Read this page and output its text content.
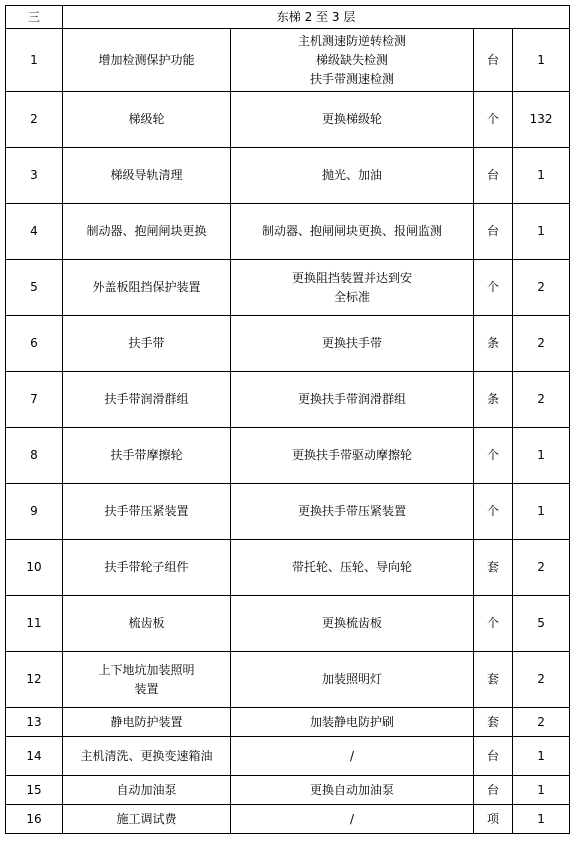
三	东梯 2 至 3 层			
1	增加检测保护功能	主机测速防逆转检测
梯级缺失检测
扶手带测速检测	台	1
2	梯级轮	更换梯级轮	个	132
3	梯级导轨清理	抛光、加油	台	1
4	制动器、抱闸闸块更换	制动器、抱闸闸块更换、报闸监测	台	1
5	外盖板阻挡保护装置	更换阻挡装置并达到安
全标准	个	2
6	扶手带	更换扶手带	条	2
7	扶手带润滑群组	更换扶手带润滑群组	条	2
8	扶手带摩擦轮	更换扶手带驱动摩擦轮	个	1
9	扶手带压紧装置	更换扶手带压紧装置	个	1
10	扶手带轮子组件	带托轮、压轮、导向轮	套	2
11	梳齿板	更换梳齿板	个	5
12	上下地坑加装照明
装置	加装照明灯	套	2
13	静电防护装置	加装静电防护刷	套	2
14	主机清洗、更换变速箱油	/	台	1
15	自动加油泵	更换自动加油泵	台	1
16	施工调试费	/	项	1
